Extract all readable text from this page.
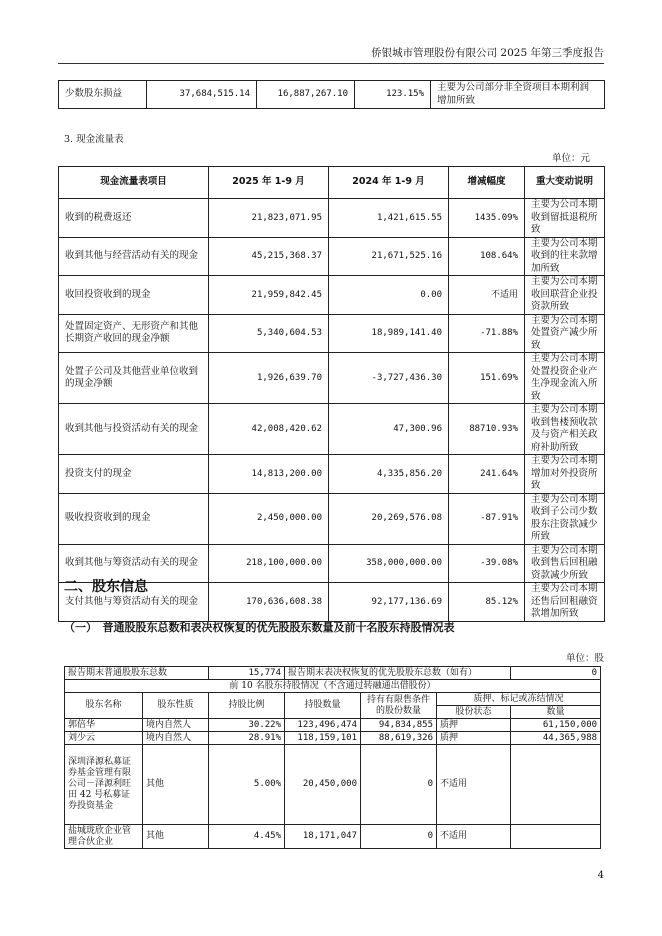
侨银城市管理股份有限公司 2025 年第三季度报告
少数股东损益	37,684,515.14	16,887,267.10	123.15%	主要为公司部分非全资项目本期利润增加所致
3. 现金流量表
单位：元
现金流量表项目	2025 年 1-9 月	2024 年 1-9 月	增减幅度	重大变动说明
收到的税费返还	21,823,071.95	1,421,615.55	1435.09%	主要为公司本期收到留抵退税所致
收到其他与经营活动有关的现金	45,215,368.37	21,671,525.16	108.64%	主要为公司本期收到的往来款增加所致
收回投资收到的现金	21,959,842.45	0.00	不适用	主要为公司本期收回联营企业投资款所致
处置固定资产、无形资产和其他长期资产收回的现金净额	5,340,604.53	18,989,141.40	-71.88%	主要为公司本期处置资产减少所致
处置子公司及其他营业单位收到的现金净额	1,926,639.70	-3,727,436.30	151.69%	主要为公司本期处置投资企业产生净现金流入所致
收到其他与投资活动有关的现金	42,008,420.62	47,300.96	88710.93%	主要为公司本期收到售楼预收款及与资产相关政府补助所致
投资支付的现金	14,813,200.00	4,335,856.20	241.64%	主要为公司本期增加对外投资所致
吸收投资收到的现金	2,450,000.00	20,269,576.08	-87.91%	主要为公司本期收到子公司少数股东注资款减少所致
收到其他与筹资活动有关的现金	218,100,000.00	358,000,000.00	-39.08%	主要为公司本期收到售后回租融资款减少所致
支付其他与筹资活动有关的现金	170,636,608.38	92,177,136.69	85.12%	主要为公司本期还售后回租融资款增加所致
二、股东信息
（一）　普通股股东总数和表决权恢复的优先股股东数量及前十名股东持股情况表
单位：股
报告期末普通股股东总数		15,774	报告期末表决权恢复的优先股股东总数（如有）			0
前 10 名股东持股情况（不含通过转融通出借股份）						
股东名称	股东性质	持股比例	持股数量	持有有限售条件的股份数量	质押、标记或冻结情况	
					股份状态	数量
郭倍华	境内自然人	30.22%	123,496,474	94,834,855	质押	61,150,000
刘少云	境内自然人	28.91%	118,159,101	88,619,326	质押	44,365,988
深圳泽源私募证券基金管理有限公司－泽源利旺田 42 号私募证券投资基金	其他	5.00%	20,450,000	0	不适用	
盐城珑欣企业管理合伙企业	其他	4.45%	18,171,047	0	不适用	
4
